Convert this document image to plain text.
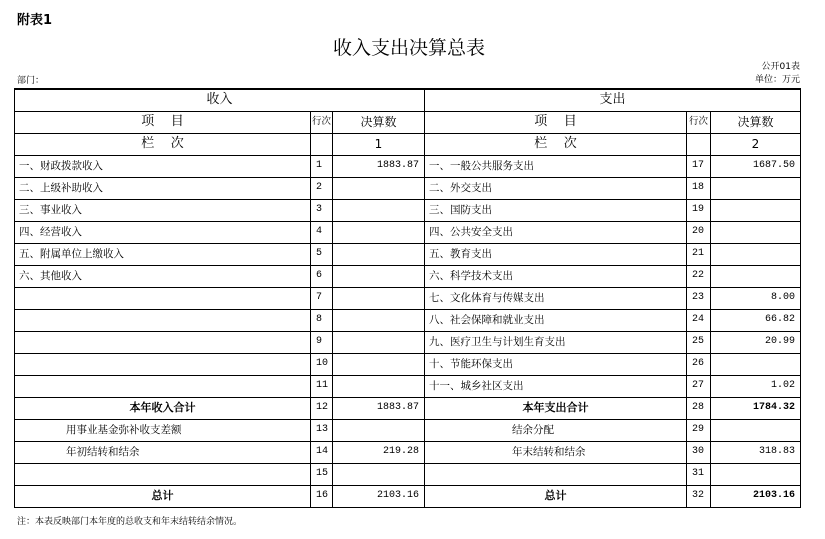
附表1
收入支出决算总表
公开01表
部门：	单位：万元
收入			支出		
项    目	行次	决算数	项    目	行次	决算数
栏    次		1	栏    次		2
一、财政拨款收入	1	1883.87	一、一般公共服务支出	17	1687.50
二、上级补助收入	2		二、外交支出	18	
三、事业收入	3		三、国防支出	19	
四、经营收入	4		四、公共安全支出	20	
五、附属单位上缴收入	5		五、教育支出	21	
六、其他收入	6		六、科学技术支出	22	
	7		七、文化体育与传媒支出	23	8.00
	8		八、社会保障和就业支出	24	66.82
	9		九、医疗卫生与计划生育支出	25	20.99
	10		十、节能环保支出	26	
	11		十一、城乡社区支出	27	1.02
本年收入合计	12	1883.87	本年支出合计	28	1784.32
用事业基金弥补收支差额	13		结余分配	29	
年初结转和结余	14	219.28	年末结转和结余	30	318.83
	15			31	
总计	16	2103.16	总计	32	2103.16
注：本表反映部门本年度的总收支和年末结转结余情况。
